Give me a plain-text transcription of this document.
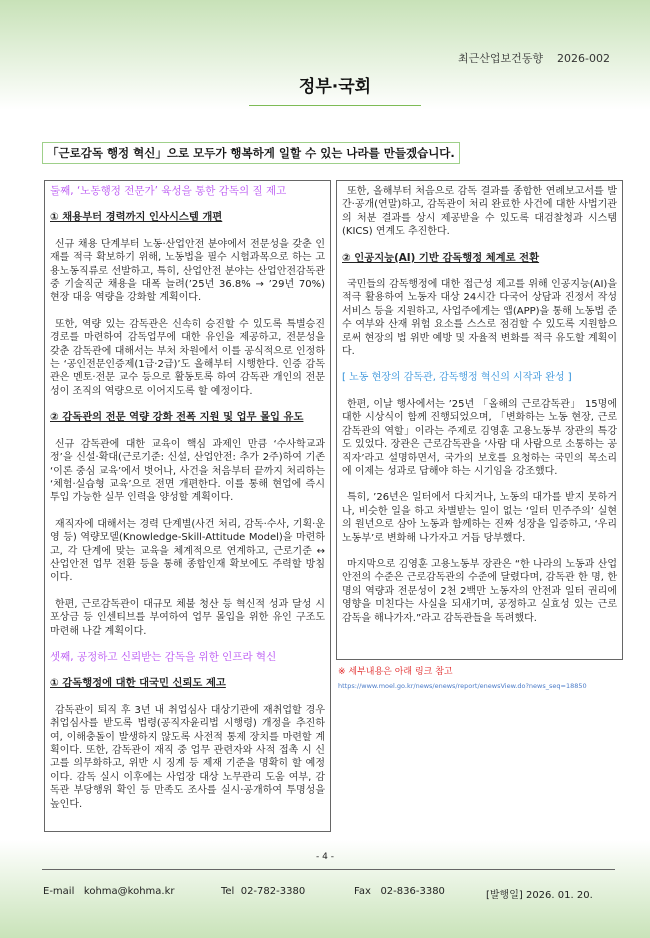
최근산업보건동향 2026-002
정부·국회
「근로감독 행정 혁신」으로 모두가 행복하게 일할 수 있는 나라를 만들겠습니다.
둘째, ‘노동행정 전문가’ 육성을 통한 감독의 질 제고
① 채용부터 경력까지 인사시스템 개편

신규 채용 단계부터 노동·산업안전 분야에서 전문성을 갖춘 인재를 적극 확보하기 위해, 노동법을 필수 시험과목으로 하는 고용노동직류로 선발하고, 특히, 산업안전 분야는 산업안전감독관 중 기술직군 채용을 대폭 늘려(’25년 36.8% → ’29년 70%) 현장 대응 역량을 강화할 계획이다.

또한, 역량 있는 감독관은 신속히 승진할 수 있도록 특별승진 경로를 마련하여 감독업무에 대한 유인을 제공하고, 전문성을 갖춘 감독관에 대해서는 부처 차원에서 이를 공식적으로 인정하는 ‘공인전문인증제(1급·2급)’도 올해부터 시행한다. 인증 감독관은 멘토·전문 교수 등으로 활동토록 하여 감독관 개인의 전문성이 조직의 역량으로 이어지도록 할 예정이다.

② 감독관의 전문 역량 강화 전폭 지원 및 업무 몰입 유도

신규 감독관에 대한 교육이 핵심 과제인 만큼 ‘수사학교과정’을 신설·확대(근로기준: 신설, 산업안전: 추가 2주)하여 기존 ‘이론 중심 교육’에서 벗어나, 사건을 처음부터 끝까지 처리하는 ‘체험·실습형 교육’으로 전면 개편한다. 이를 통해 현업에 즉시 투입 가능한 실무 인력을 양성할 계획이다.

재직자에 대해서는 경력 단계별(사건 처리, 감독·수사, 기획·운영 등) 역량모델(Knowledge-Skill-Attitude Model)을 마련하고, 각 단계에 맞는 교육을 체계적으로 연계하고, 근로기준 ↔ 산업안전 업무 전환 등을 통해 종합인재 확보에도 주력할 방침이다.

한편, 근로감독관이 대규모 체불 청산 등 혁신적 성과 달성 시 포상금 등 인센티브를 부여하여 업무 몰입을 위한 유인 구조도 마련해 나갈 계획이다.

셋째, 공정하고 신뢰받는 감독을 위한 인프라 혁신
① 감독행정에 대한 대국민 신뢰도 제고

감독관이 퇴직 후 3년 내 취업심사 대상기관에 재취업할 경우 취업심사를 받도록 법령(공직자윤리법 시행령) 개정을 추진하여, 이해충돌이 발생하지 않도록 사전적 통제 장치를 마련할 계획이다. 또한, 감독관이 재직 중 업무 관련자와 사적 접촉 시 신고를 의무화하고, 위반 시 징계 등 제재 기준을 명확히 할 예정이다. 감독 실시 이후에는 사업장 대상 노무관리 도움 여부, 감독관 부당행위 확인 등 만족도 조사를 실시·공개하여 투명성을 높인다.

또한, 올해부터 처음으로 감독 결과를 종합한 연례보고서를 발간·공개(연말)하고, 감독관이 처리 완료한 사건에 대한 사법기관의 처분 결과를 상시 제공받을 수 있도록 대검찰청과 시스템(KICS) 연계도 추진한다.

② 인공지능(AI) 기반 감독행정 체계로 전환

국민들의 감독행정에 대한 접근성 제고를 위해 인공지능(AI)을 적극 활용하여 노동자 대상 24시간 다국어 상담과 진정서 작성 서비스 등을 지원하고, 사업주에게는 앱(APP)을 통해 노동법 준수 여부와 산재 위험 요소를 스스로 점검할 수 있도록 지원함으로써 현장의 법 위반 예방 및 자율적 변화를 적극 유도할 계획이다.

[ 노동 현장의 감독관, 감독행정 혁신의 시작과 완성 ]

한편, 이날 행사에서는 ’25년 「올해의 근로감독관」 15명에 대한 시상식이 함께 진행되었으며, 「변화하는 노동 현장, 근로감독관의 역할」이라는 주제로 김영훈 고용노동부 장관의 특강도 있었다. 장관은 근로감독관을 ‘사람 대 사람으로 소통하는 공직자’라고 설명하면서, 국가의 보호를 요청하는 국민의 목소리에 이제는 성과로 답해야 하는 시기임을 강조했다.

특히, ’26년은 일터에서 다치거나, 노동의 대가를 받지 못하거나, 비슷한 일을 하고 차별받는 일이 없는 ‘일터 민주주의’ 실현의 원년으로 삼아 노동과 함께하는 진짜 성장을 입증하고, ‘우리 노동부’로 변화해 나가자고 거듭 당부했다.

마지막으로 김영훈 고용노동부 장관은 “한 나라의 노동과 산업안전의 수준은 근로감독관의 수준에 달렸다며, 감독관 한 명, 한 명의 역량과 전문성이 2천 2백만 노동자의 안전과 일터 권리에 영향을 미친다는 사실을 되새기며, 공정하고 실효성 있는 근로감독을 해나가자.”라고 감독관들을 독려했다.

※ 세부내용은 아래 링크 참고
https://www.moel.go.kr/news/enews/report/enewsView.do?news_seq=18850
- 4 -
E-mail kohma@kohma.kr	Tel 02-782-3380	Fax 02-836-3380	[발행일] 2026. 01. 20.
